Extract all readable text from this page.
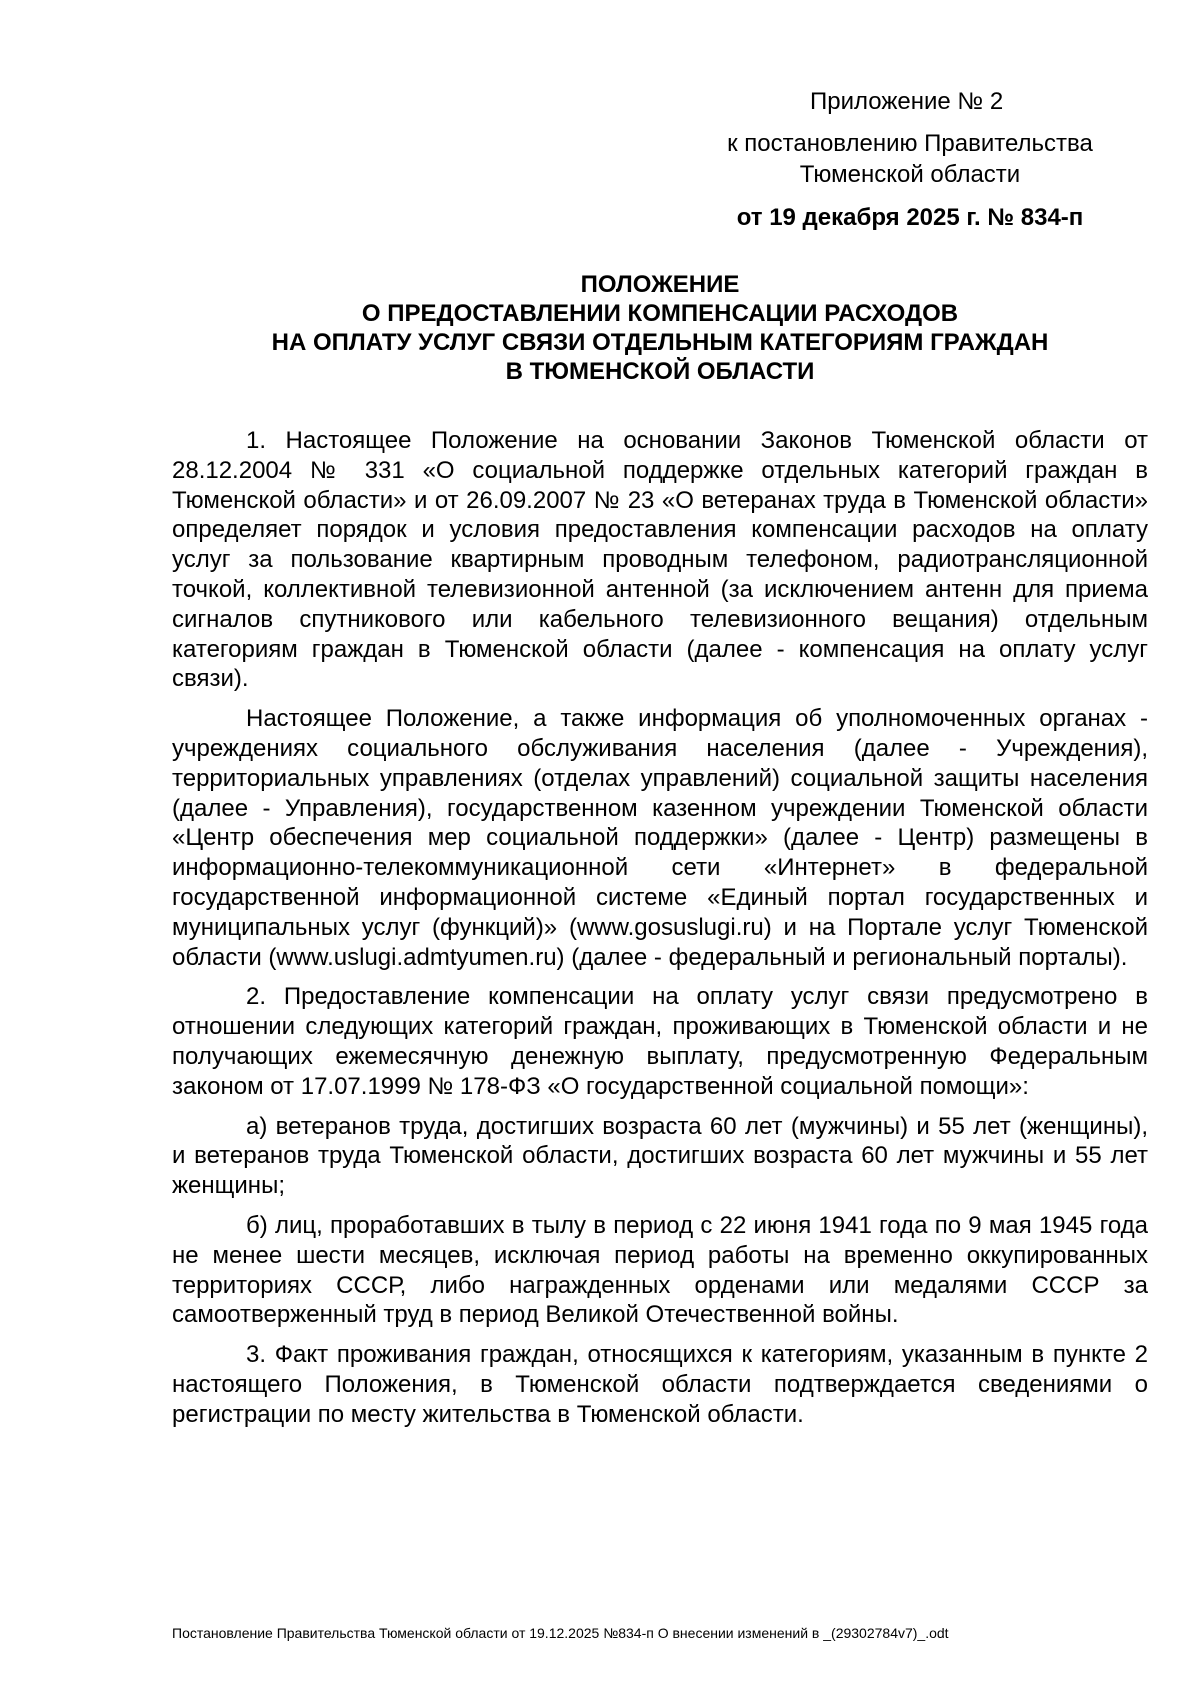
Приложение № 2
к постановлению Правительства
Тюменской области
от 19 декабря 2025 г. № 834-п
ПОЛОЖЕНИЕ
О ПРЕДОСТАВЛЕНИИ КОМПЕНСАЦИИ РАСХОДОВ
НА ОПЛАТУ УСЛУГ СВЯЗИ ОТДЕЛЬНЫМ КАТЕГОРИЯМ ГРАЖДАН
В ТЮМЕНСКОЙ ОБЛАСТИ

1. Настоящее Положение на основании Законов Тюменской области от 28.12.2004 № 331 «О социальной поддержке отдельных категорий граждан в Тюменской области» и от 26.09.2007 № 23 «О ветеранах труда в Тюменской области» определяет порядок и условия предоставления компенсации расходов на оплату услуг за пользование квартирным проводным телефоном, радиотрансляционной точкой, коллективной телевизионной антенной (за исключением антенн для приема сигналов спутникового или кабельного телевизионного вещания) отдельным категориям граждан в Тюменской области (далее - компенсация на оплату услуг связи).

Настоящее Положение, а также информация об уполномоченных органах - учреждениях социального обслуживания населения (далее - Учреждения), территориальных управлениях (отделах управлений) социальной защиты населения (далее - Управления), государственном казенном учреждении Тюменской области «Центр обеспечения мер социальной поддержки» (далее - Центр) размещены в информационно-телекоммуникационной сети «Интернет» в федеральной государственной информационной системе «Единый портал государственных и муниципальных услуг (функций)» (www.gosuslugi.ru) и на Портале услуг Тюменской области (www.uslugi.admtyumen.ru) (далее - федеральный и региональный порталы).

2. Предоставление компенсации на оплату услуг связи предусмотрено в отношении следующих категорий граждан, проживающих в Тюменской области и не получающих ежемесячную денежную выплату, предусмотренную Федеральным законом от 17.07.1999 № 178-ФЗ «О государственной социальной помощи»:

а) ветеранов труда, достигших возраста 60 лет (мужчины) и 55 лет (женщины), и ветеранов труда Тюменской области, достигших возраста 60 лет мужчины и 55 лет женщины;

б) лиц, проработавших в тылу в период с 22 июня 1941 года по 9 мая 1945 года не менее шести месяцев, исключая период работы на временно оккупированных территориях СССР, либо награжденных орденами или медалями СССР за самоотверженный труд в период Великой Отечественной войны.

3. Факт проживания граждан, относящихся к категориям, указанным в пункте 2 настоящего Положения, в Тюменской области подтверждается сведениями о регистрации по месту жительства в Тюменской области.

Постановление Правительства Тюменской области от 19.12.2025 №834-п О внесении изменений в _(29302784v7)_.odt
